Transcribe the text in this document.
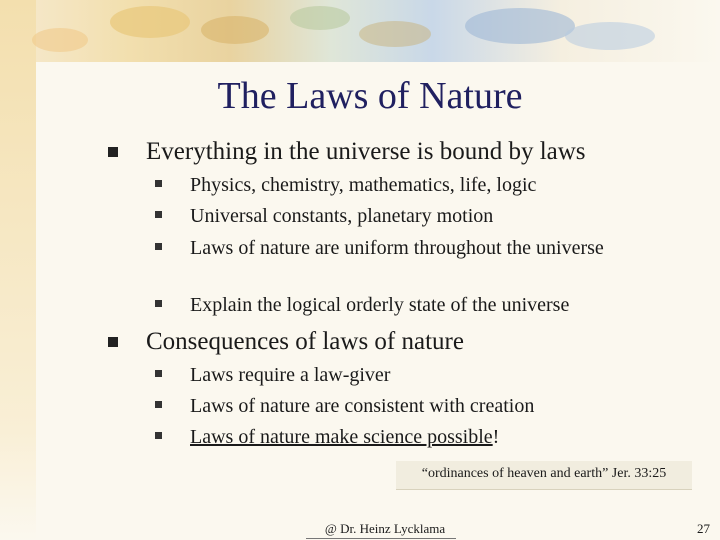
The Laws of Nature
Everything in the universe is bound by laws
Physics, chemistry, mathematics, life, logic
Universal constants, planetary motion
Laws of nature are uniform throughout the universe
Explain the logical orderly state of the universe
Consequences of laws of nature
Laws require a law-giver
Laws of nature are consistent with creation
Laws of nature make science possible!
“ordinances of heaven and earth” Jer. 33:25
@ Dr. Heinz Lycklama	27
